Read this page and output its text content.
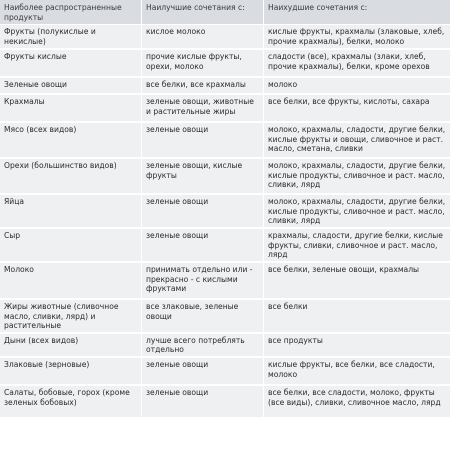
Наиболее распространенные продукты	Наилучшие сочетания с:	Наихудшие сочетания с:
Фрукты (полукислые и некислые)	кислое молоко	кислые фрукты, крахмалы (злаковые, хлеб, прочие крахмалы), белки, молоко
Фрукты кислые	прочие кислые фрукты, орехи, молоко	сладости (все), крахмалы (злаки, хлеб, прочие крахмалы), белки, кроме орехов
Зеленые овощи	все белки, все крахмалы	молоко
Крахмалы	зеленые овощи, животные и растительные жиры	все белки, все фрукты, кислоты, сахара
Мясо (всех видов)	зеленые овощи	молоко, крахмалы, сладости, другие белки, кислые фрукты и овощи, сливочное и раст. масло, сметана, сливки
Орехи (большинство видов)	зеленые овощи, кислые фрукты	молоко, крахмалы, сладости, другие белки, кислые продукты, сливочное и раст. масло, сливки, лярд
Яйца	зеленые овощи	молоко, крахмалы, сладости, другие белки, кислые продукты, сливочное и раст. масло, сливки, лярд
Сыр	зеленые овощи	крахмалы, сладости, другие белки, кислые фрукты, сливки, сливочное и раст. масло, лярд
Молоко	принимать отдельно или - прекрасно - с кислыми фруктами	все белки, зеленые овощи, крахмалы
Жиры животные (сливочное масло, сливки, лярд) и растительные	все злаковые, зеленые овощи	все белки
Дыни (всех видов)	лучше всего потреблять отдельно	все продукты
Злаковые (зерновые)	зеленые овощи	кислые фрукты, все белки, все сладости, молоко
Салаты, бобовые, горох (кроме зеленых бобовых)	зеленые овощи	все белки, все сладости, молоко, фрукты (все виды), сливки, сливочное масло, лярд
